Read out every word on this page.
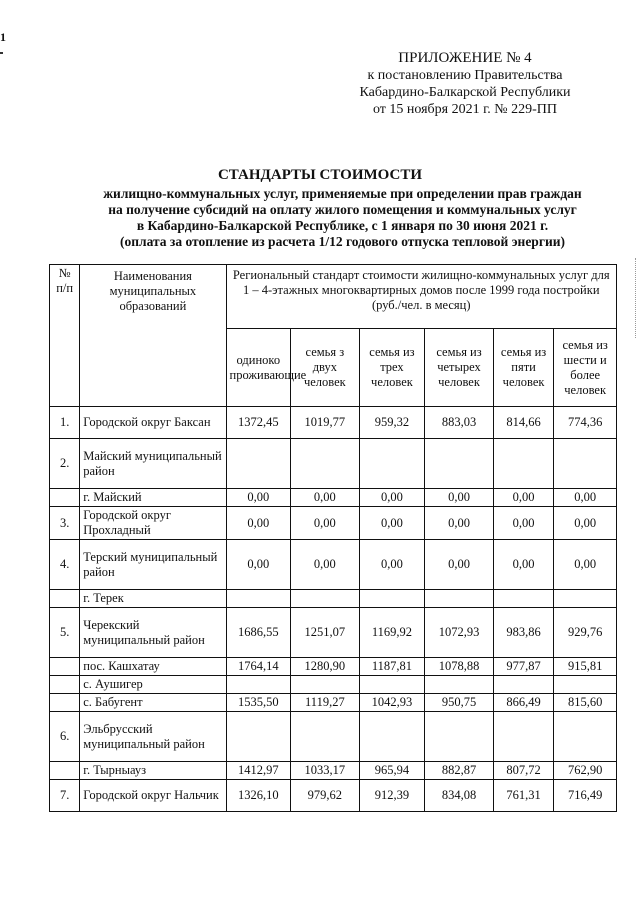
1
ПРИЛОЖЕНИЕ № 4
к постановлению Правительства
Кабардино-Балкарской Республики
от 15 ноября 2021 г. № 229-ПП
СТАНДАРТЫ СТОИМОСТИ
жилищно-коммунальных услуг, применяемые при определении прав граждан
на получение субсидий на оплату жилого помещения и коммунальных услуг
в Кабардино-Балкарской Республике, с 1 января по 30 июня 2021 г.
(оплата за отопление из расчета 1/12 годового отпуска тепловой энергии)
№ п/п	Наименования муниципальных образований	Региональный стандарт стоимости жилищно-коммунальных услуг для 1 – 4-этажных многоквартирных домов после 1999 года постройки (руб./чел. в месяц)					
		одиноко проживающие	семья з двух человек	семья из трех человек	семья из четырех человек	семья из пяти человек	семья из шести и более человек
1.	Городской округ Баксан	1372,45	1019,77	959,32	883,03	814,66	774,36
2.	Майский муниципальный район						
	г. Майский	0,00	0,00	0,00	0,00	0,00	0,00
3.	Городской округ Прохладный	0,00	0,00	0,00	0,00	0,00	0,00
4.	Терский муниципальный район	0,00	0,00	0,00	0,00	0,00	0,00
	г. Терек						
5.	Черекский муниципальный район	1686,55	1251,07	1169,92	1072,93	983,86	929,76
	пос. Кашхатау	1764,14	1280,90	1187,81	1078,88	977,87	915,81
	с. Аушигер						
	с. Бабугент	1535,50	1119,27	1042,93	950,75	866,49	815,60
6.	Эльбрусский муниципальный район						
	г. Тырныауз	1412,97	1033,17	965,94	882,87	807,72	762,90
7.	Городской округ Нальчик	1326,10	979,62	912,39	834,08	761,31	716,49
